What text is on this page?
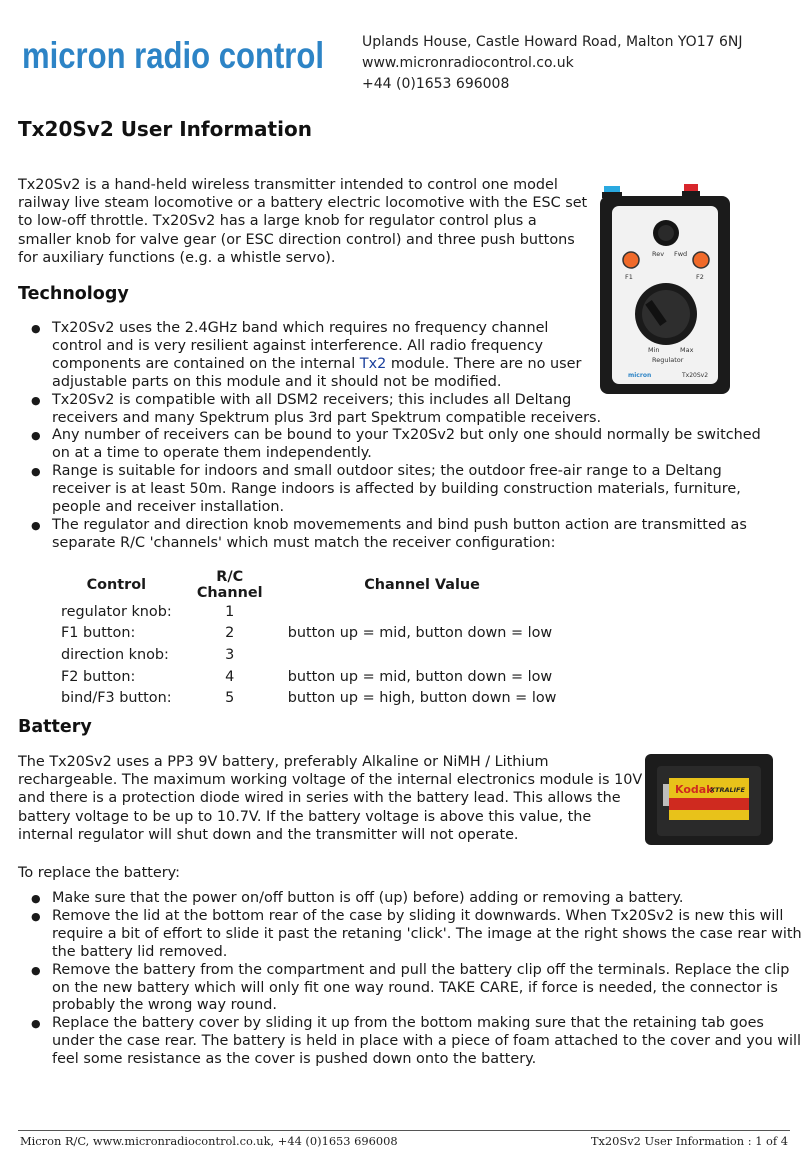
micron radio control	Uplands House, Castle Howard Road, Malton YO17 6NJ
www.micronradiocontrol.co.uk
+44 (0)1653 696008
Tx20Sv2 User Information
Tx20Sv2 is a hand-held wireless transmitter intended to control one model
railway live steam locomotive or a battery electric locomotive with the ESC set
to low-off throttle. Tx20Sv2 has a large knob for regulator control plus a
smaller knob for valve gear (or ESC direction control) and three push buttons
for auxiliary functions (e.g. a whistle servo).	Rev Fwd
F1	F2
Min	Max
Regulator
micron	Tx20Sv2
Technology
● Tx20Sv2 uses the 2.4GHz band which requires no frequency channel
control and is very resilient against interference. All radio frequency
components are contained on the internal Tx2 module. There are no user
adjustable parts on this module and it should not be modified.
● Tx20Sv2 is compatible with all DSM2 receivers; this includes all Deltang
receivers and many Spektrum plus 3rd part Spektrum compatible receivers.
● Any number of receivers can be bound to your Tx20Sv2 but only one should normally be switched
on at a time to operate them independently.
● Range is suitable for indoors and small outdoor sites; the outdoor free-air range to a Deltang
receiver is at least 50m. Range indoors is affected by building construction materials, furniture,
people and receiver installation.
● The regulator and direction knob movemements and bind push button action are transmitted as
separate R/C 'channels' which must match the receiver configuration:
Control	R/C Channel	Channel Value
regulator knob:	1	
F1 button:	2	button up = mid, button down = low
direction knob:	3	
F2 button:	4	button up = mid, button down = low
bind/F3 button:	5	button up = high, button down = low
Battery
The Tx20Sv2 uses a PP3 9V battery, preferably Alkaline or NiMH / Lithium
rechargeable. The maximum working voltage of the internal electronics module is 10V
and there is a protection diode wired in series with the battery lead. This allows the
battery voltage to be up to 10.7V. If the battery voltage is above this value, the
internal regulator will shut down and the transmitter will not operate.
Kodak
XTRALIFE
To replace the battery:
● Make sure that the power on/off button is off (up) before) adding or removing a battery.
● Remove the lid at the bottom rear of the case by sliding it downwards. When Tx20Sv2 is new this will
require a bit of effort to slide it past the retaning 'click'. The image at the right shows the case rear with
the battery lid removed.
● Remove the battery from the compartment and pull the battery clip off the terminals. Replace the clip
on the new battery which will only fit one way round. TAKE CARE, if force is needed, the connector is
probably the wrong way round.
● Replace the battery cover by sliding it up from the bottom making sure that the retaining tab goes
under the case rear. The battery is held in place with a piece of foam attached to the cover and you will
feel some resistance as the cover is pushed down onto the battery.
Micron R/C, www.micronradiocontrol.co.uk, +44 (0)1653 696008	Tx20Sv2 User Information : 1 of 4
